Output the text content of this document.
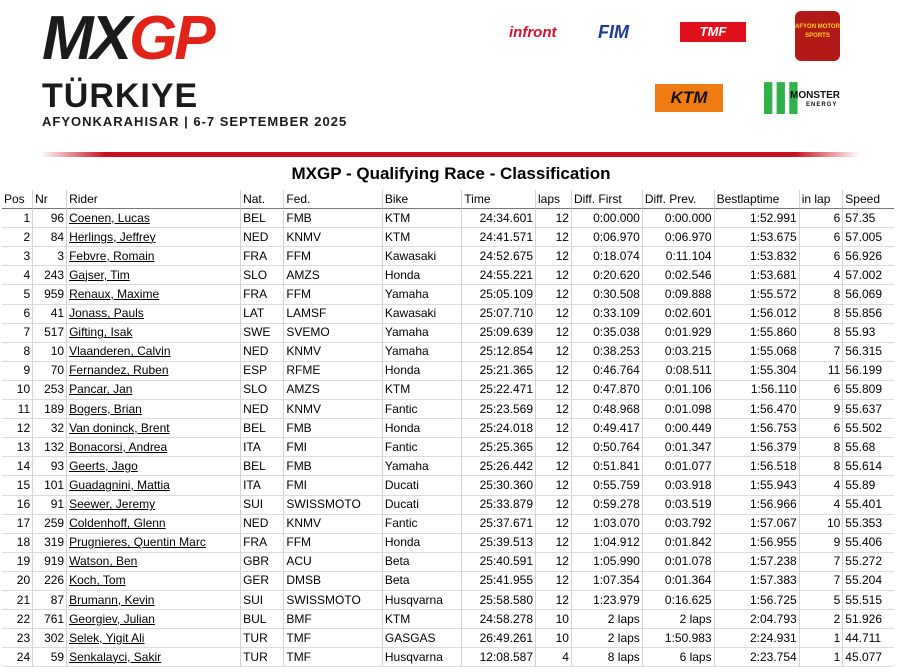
MXGP
TÜRKIYE
AFYONKARAHISAR | 6-7 SEPTEMBER 2025
infront FIM	TMF	AFYON MOTOR SPORTS
KTM	Ⅲ
MONSTER
ENERGY
MXGP - Qualifying Race - Classification
Pos	Nr	Rider	Nat.	Fed.	Bike	Time	laps	Diff. First	Diff. Prev.	Bestlaptime	in lap	Speed
1	96	Coenen, Lucas	BEL	FMB	KTM	24:34.601	12	0:00.000	0:00.000	1:52.991	6	57.35
2	84	Herlings, Jeffrey	NED	KNMV	KTM	24:41.571	12	0:06.970	0:06.970	1:53.675	6	57.005
3	3	Febvre, Romain	FRA	FFM	Kawasaki	24:52.675	12	0:18.074	0:11.104	1:53.832	6	56.926
4	243	Gajser, Tim	SLO	AMZS	Honda	24:55.221	12	0:20.620	0:02.546	1:53.681	4	57.002
5	959	Renaux, Maxime	FRA	FFM	Yamaha	25:05.109	12	0:30.508	0:09.888	1:55.572	8	56.069
6	41	Jonass, Pauls	LAT	LAMSF	Kawasaki	25:07.710	12	0:33.109	0:02.601	1:56.012	8	55.856
7	517	Gifting, Isak	SWE	SVEMO	Yamaha	25:09.639	12	0:35.038	0:01.929	1:55.860	8	55.93
8	10	Vlaanderen, Calvin	NED	KNMV	Yamaha	25:12.854	12	0:38.253	0:03.215	1:55.068	7	56.315
9	70	Fernandez, Ruben	ESP	RFME	Honda	25:21.365	12	0:46.764	0:08.511	1:55.304	11	56.199
10	253	Pancar, Jan	SLO	AMZS	KTM	25:22.471	12	0:47.870	0:01.106	1:56.110	6	55.809
11	189	Bogers, Brian	NED	KNMV	Fantic	25:23.569	12	0:48.968	0:01.098	1:56.470	9	55.637
12	32	Van doninck, Brent	BEL	FMB	Honda	25:24.018	12	0:49.417	0:00.449	1:56.753	6	55.502
13	132	Bonacorsi, Andrea	ITA	FMI	Fantic	25:25.365	12	0:50.764	0:01.347	1:56.379	8	55.68
14	93	Geerts, Jago	BEL	FMB	Yamaha	25:26.442	12	0:51.841	0:01.077	1:56.518	8	55.614
15	101	Guadagnini, Mattia	ITA	FMI	Ducati	25:30.360	12	0:55.759	0:03.918	1:55.943	4	55.89
16	91	Seewer, Jeremy	SUI	SWISSMOTO	Ducati	25:33.879	12	0:59.278	0:03.519	1:56.966	4	55.401
17	259	Coldenhoff, Glenn	NED	KNMV	Fantic	25:37.671	12	1:03.070	0:03.792	1:57.067	10	55.353
18	319	Prugnieres, Quentin Marc	FRA	FFM	Honda	25:39.513	12	1:04.912	0:01.842	1:56.955	9	55.406
19	919	Watson, Ben	GBR	ACU	Beta	25:40.591	12	1:05.990	0:01.078	1:57.238	7	55.272
20	226	Koch, Tom	GER	DMSB	Beta	25:41.955	12	1:07.354	0:01.364	1:57.383	7	55.204
21	87	Brumann, Kevin	SUI	SWISSMOTO	Husqvarna	25:58.580	12	1:23.979	0:16.625	1:56.725	5	55.515
22	761	Georgiev, Julian	BUL	BMF	KTM	24:58.278	10	2 laps	2 laps	2:04.793	2	51.926
23	302	Selek, Yigit Ali	TUR	TMF	GASGAS	26:49.261	10	2 laps	1:50.983	2:24.931	1	44.711
24	59	Senkalayci, Sakir	TUR	TMF	Husqvarna	12:08.587	4	8 laps	6 laps	2:23.754	1	45.077
